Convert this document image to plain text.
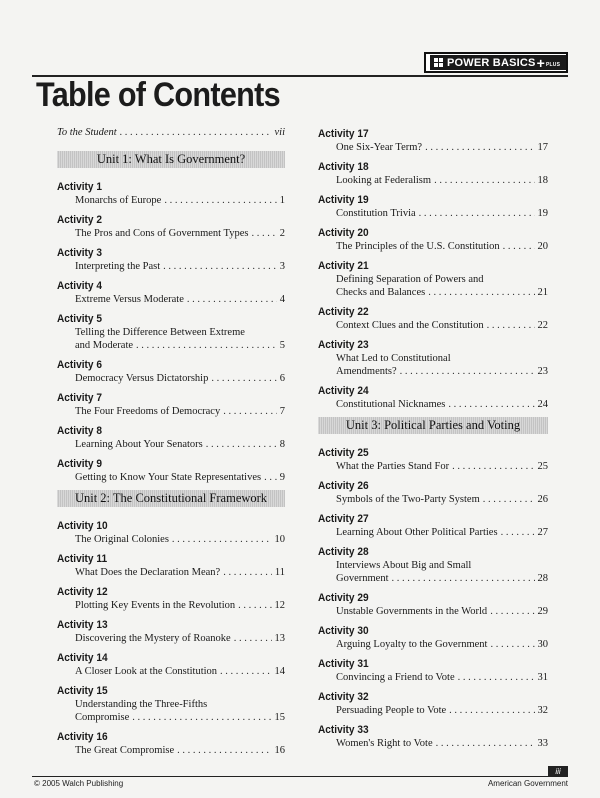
POWER BASICS + PLUS
Table of Contents
To the Student . . .	vii
Unit 1: What Is Government?
Activity 1
Monarchs of Europe . . .	1
Activity 2
The Pros and Cons of Government Types . . .	2
Activity 3
Interpreting the Past . . .	3
Activity 4
Extreme Versus Moderate . . .	4
Activity 5
Telling the Difference Between Extreme
and Moderate . . .	5
Activity 6
Democracy Versus Dictatorship . . .	6
Activity 7
The Four Freedoms of Democracy . . .	7
Activity 8
Learning About Your Senators . . .	8
Activity 9
Getting to Know Your State Representatives . . . 9
Unit 2: The Constitutional Framework
Activity 10
The Original Colonies . . .	10
Activity 11
What Does the Declaration Mean? . . .	11
Activity 12
Plotting Key Events in the Revolution . . .	12
Activity 13
Discovering the Mystery of Roanoke . . .	13
Activity 14
A Closer Look at the Constitution . . .	14
Activity 15
Understanding the Three-Fifths
Compromise . . .	15
Activity 16
The Great Compromise . . .	16
Activity 17
One Six-Year Term? . . .	17
Activity 18
Looking at Federalism . . .	18
Activity 19
Constitution Trivia . . .	19
Activity 20
The Principles of the U.S. Constitution . . .	20
Activity 21
Defining Separation of Powers and
Checks and Balances . . .	21
Activity 22
Context Clues and the Constitution . . .	22
Activity 23
What Led to Constitutional
Amendments? . . .	23
Activity 24
Constitutional Nicknames . . .	24
Unit 3: Political Parties and Voting
Activity 25
What the Parties Stand For . . .	25
Activity 26
Symbols of the Two-Party System . . .	26
Activity 27
Learning About Other Political Parties . . .	27
Activity 28
Interviews About Big and Small
Government . . .	28
Activity 29
Unstable Governments in the World . . .	29
Activity 30
Arguing Loyalty to the Government . . .	30
Activity 31
Convincing a Friend to Vote . . .	31
Activity 32
Persuading People to Vote . . .	32
Activity 33
Women's Right to Vote . . .	33
iii
© 2005 Walch Publishing	American Government
